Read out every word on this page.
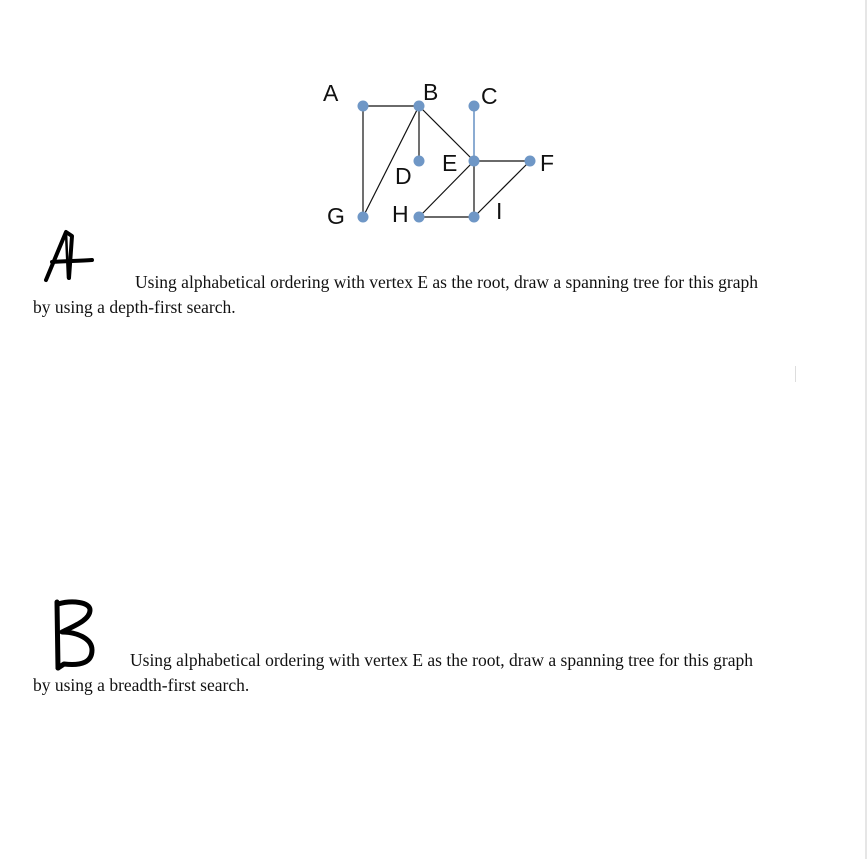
A	B C
D E	F
G H	I
Using alphabetical ordering with vertex E as the root, draw a spanning tree for this graph
by using a depth-first search.
Using alphabetical ordering with vertex E as the root, draw a spanning tree for this graph
by using a breadth-first search.
